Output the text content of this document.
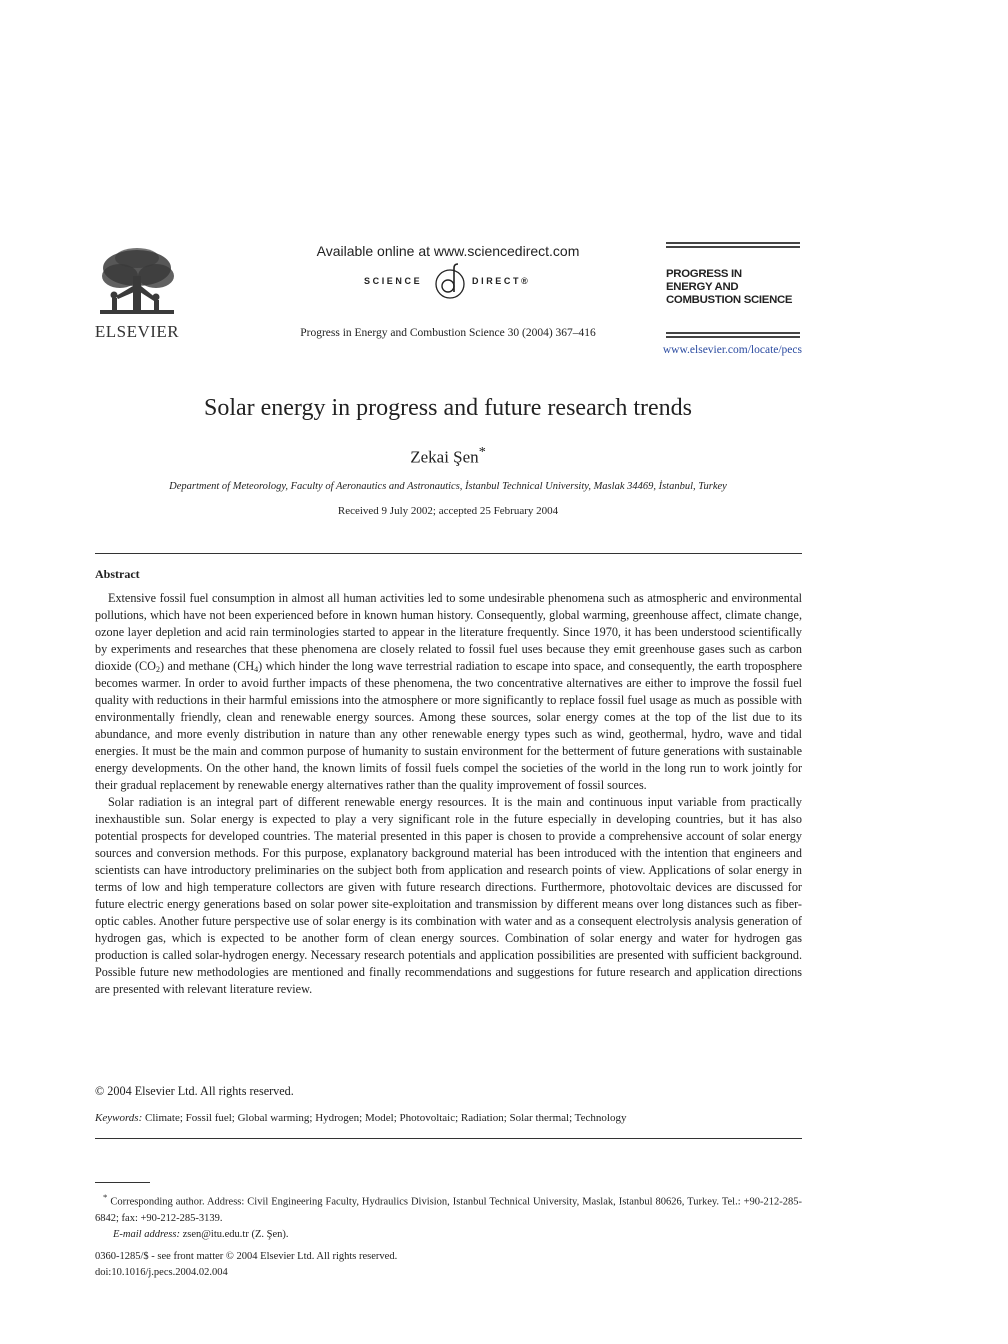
ELSEVIER
Available online at www.sciencedirect.com
SCIENCE	DIRECT®
Progress in Energy and Combustion Science 30 (2004) 367–416
PROGRESS IN
ENERGY AND
COMBUSTION SCIENCE
www.elsevier.com/locate/pecs
Solar energy in progress and future research trends
Zekai Şen*
Department of Meteorology, Faculty of Aeronautics and Astronautics, İstanbul Technical University, Maslak 34469, İstanbul, Turkey
Received 9 July 2002; accepted 25 February 2004
Abstract

Extensive fossil fuel consumption in almost all human activities led to some undesirable phenomena such as atmospheric and environmental pollutions, which have not been experienced before in known human history. Consequently, global warming, greenhouse affect, climate change, ozone layer depletion and acid rain terminologies started to appear in the literature frequently. Since 1970, it has been understood scientifically by experiments and researches that these phenomena are closely related to fossil fuel uses because they emit greenhouse gases such as carbon dioxide $(CO_2)$ and methane $(CH_4)$ which hinder the long wave terrestrial radiation to escape into space, and consequently, the earth troposphere becomes warmer. In order to avoid further impacts of these phenomena, the two concentrative alternatives are either to improve the fossil fuel quality with reductions in their harmful emissions into the atmosphere or more significantly to replace fossil fuel usage as much as possible with environmentally friendly, clean and renewable energy sources. Among these sources, solar energy comes at the top of the list due to its abundance, and more evenly distribution in nature than any other renewable energy types such as wind, geothermal, hydro, wave and tidal energies. It must be the main and common purpose of humanity to sustain environment for the betterment of future generations with sustainable energy developments. On the other hand, the known limits of fossil fuels compel the societies of the world in the long run to work jointly for their gradual replacement by renewable energy alternatives rather than the quality improvement of fossil sources.

Solar radiation is an integral part of different renewable energy resources. It is the main and continuous input variable from practically inexhaustible sun. Solar energy is expected to play a very significant role in the future especially in developing countries, but it has also potential prospects for developed countries. The material presented in this paper is chosen to provide a comprehensive account of solar energy sources and conversion methods. For this purpose, explanatory background material has been introduced with the intention that engineers and scientists can have introductory preliminaries on the subject both from application and research points of view. Applications of solar energy in terms of low and high temperature collectors are given with future research directions. Furthermore, photovoltaic devices are discussed for future electric energy generations based on solar power site-exploitation and transmission by different means over long distances such as fiber-optic cables. Another future perspective use of solar energy is its combination with water and as a consequent electrolysis analysis generation of hydrogen gas, which is expected to be another form of clean energy sources. Combination of solar energy and water for hydrogen gas production is called solar-hydrogen energy. Necessary research potentials and application possibilities are presented with sufficient background. Possible future new methodologies are mentioned and finally recommendations and suggestions for future research and application directions are presented with relevant literature review.

© 2004 Elsevier Ltd. All rights reserved.
Keywords: Climate; Fossil fuel; Global warming; Hydrogen; Model; Photovoltaic; Radiation; Solar thermal; Technology
* Corresponding author. Address: Civil Engineering Faculty, Hydraulics Division, Istanbul Technical University, Maslak, Istanbul 80626, Turkey. Tel.: +90-212-285-6842; fax: +90-212-285-3139.
E-mail address: zsen@itu.edu.tr (Z. Şen).
0360-1285/$ - see front matter © 2004 Elsevier Ltd. All rights reserved.
doi:10.1016/j.pecs.2004.02.004
